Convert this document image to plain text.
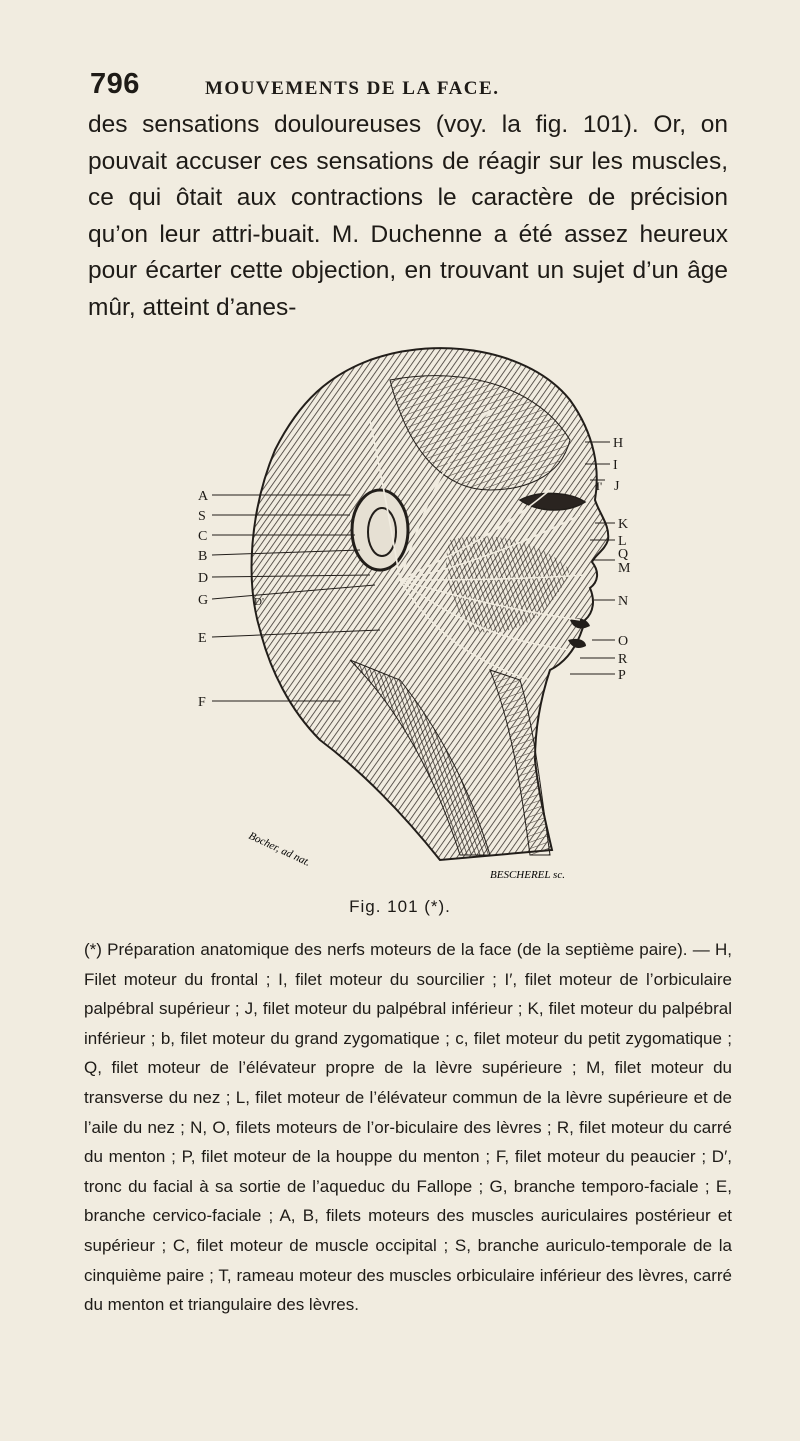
796	MOUVEMENTS DE LA FACE.

des sensations douloureuses (voy. la fig. 101). Or, on pouvait accuser ces sensations de réagir sur les muscles, ce qui ôtait aux contractions le caractère de précision qu’on leur attri-buait. M. Duchenne a été assez heureux pour écarter cette objection, en trouvant un sujet d’un âge mûr, atteint d’anes-

A
S
C
B
D
G
E
F
D'
H
I
I' J
K
L
Q
M
N
O
R
P
Bocher, ad nat.
BESCHEREL sc.
Fig. 101 (*).

(*) Préparation anatomique des nerfs moteurs de la face (de la septième paire). — H, Filet moteur du frontal ; I, filet moteur du sourcilier ; I′, filet moteur de l’orbiculaire palpébral supérieur ; J, filet moteur du palpébral inférieur ; K, filet moteur du palpébral inférieur ; b, filet moteur du grand zygomatique ; c, filet moteur du petit zygomatique ; Q, filet moteur de l’élévateur propre de la lèvre supérieure ; M, filet moteur du transverse du nez ; L, filet moteur de l’élévateur commun de la lèvre supérieure et de l’aile du nez ; N, O, filets moteurs de l’or-biculaire des lèvres ; R, filet moteur du carré du menton ; P, filet moteur de la houppe du menton ; F, filet moteur du peaucier ; D′, tronc du facial à sa sortie de l’aqueduc du Fallope ; G, branche temporo-faciale ; E, branche cervico-faciale ; A, B, filets moteurs des muscles auriculaires postérieur et supérieur ; C, filet moteur de muscle occipital ; S, branche auriculo-temporale de la cinquième paire ; T, rameau moteur des muscles orbiculaire inférieur des lèvres, carré du menton et triangulaire des lèvres.
